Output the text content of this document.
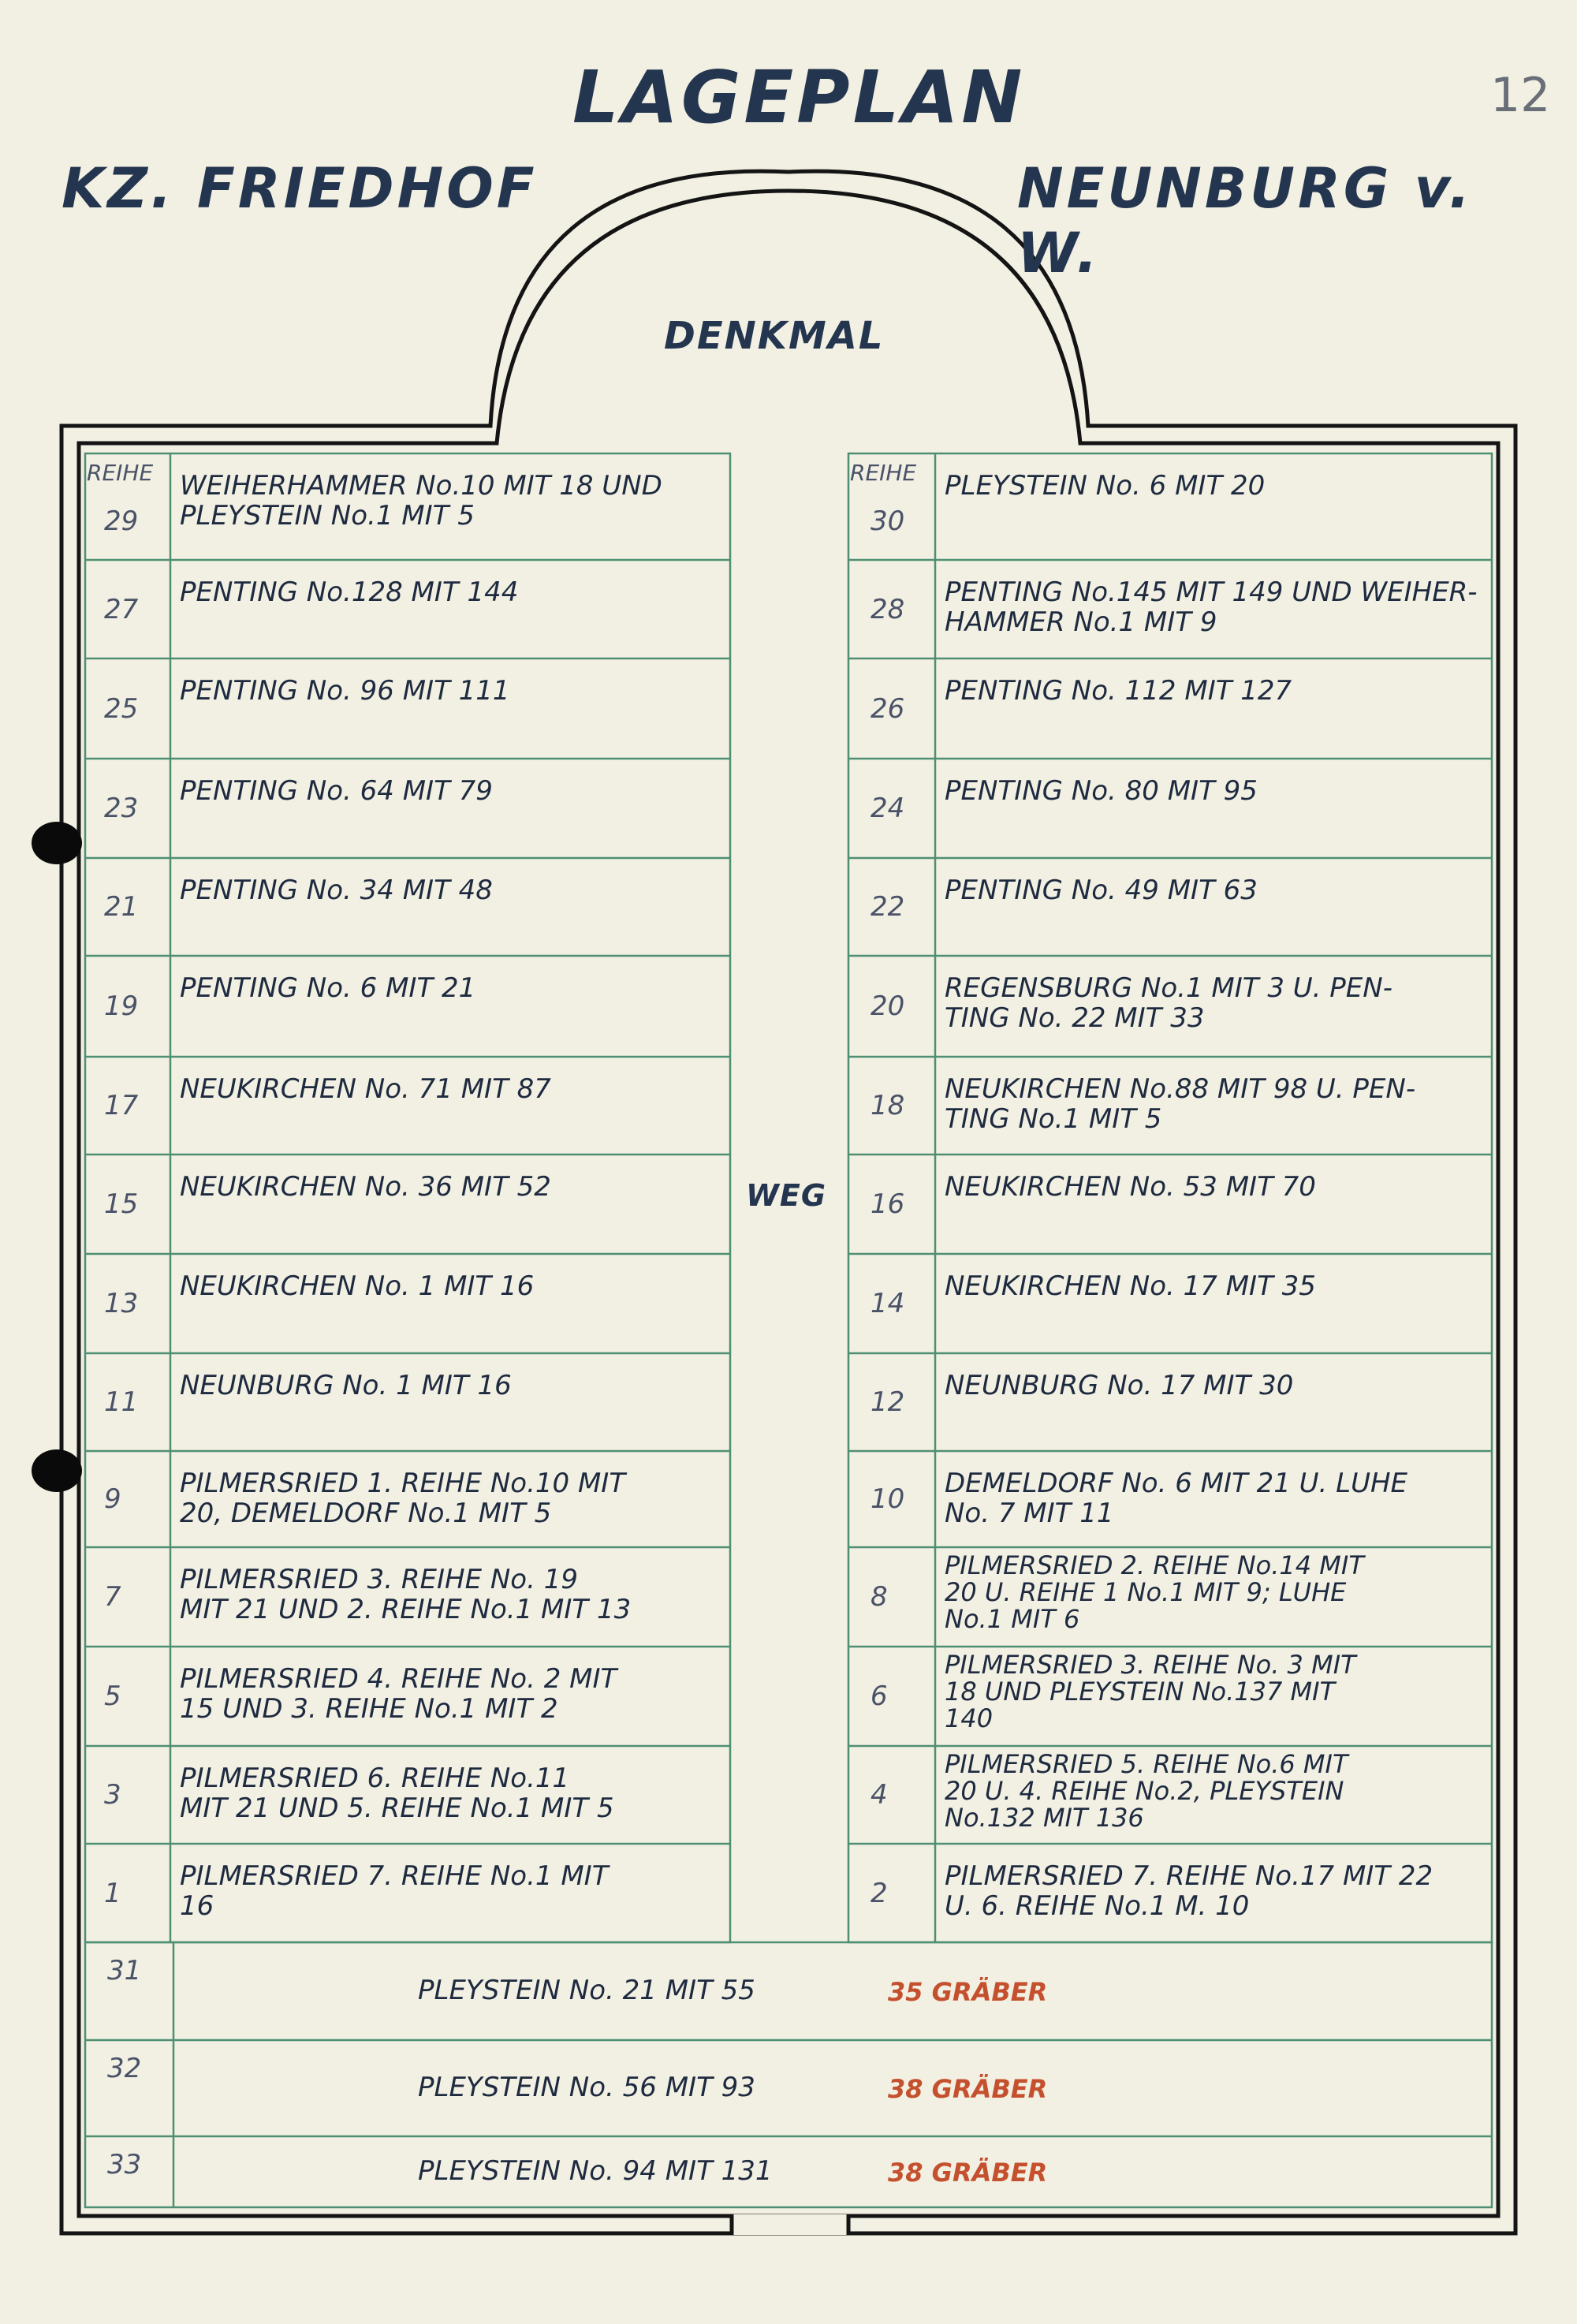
LAGEPLAN
KZ. FRIEDHOF	NEUNBURG v. W.
12
DENKMAL
WEG
REIHE
29
WEIHERHAMMER No.10 MIT 18 UND
PLEYSTEIN No.1 MIT 5
27
PENTING No.128 MIT 144
25
PENTING No. 96 MIT 111
23
PENTING No. 64 MIT 79
21
PENTING No. 34 MIT 48
19
PENTING No. 6 MIT 21
17
NEUKIRCHEN No. 71 MIT 87
15
NEUKIRCHEN No. 36 MIT 52
13
NEUKIRCHEN No. 1 MIT 16
11
NEUNBURG No. 1 MIT 16
9 PILMERSRIED 1. REIHE No.10 MIT
20, DEMELDORF No.1 MIT 5
7
PILMERSRIED 3. REIHE No. 19
MIT 21 UND 2. REIHE No.1 MIT 13
5
PILMERSRIED 4. REIHE No. 2 MIT
15 UND 3. REIHE No.1 MIT 2
3
PILMERSRIED 6. REIHE No.11
MIT 21 UND 5. REIHE No.1 MIT 5
1
PILMERSRIED 7. REIHE No.1 MIT
16
REIHE
30
PLEYSTEIN No. 6 MIT 20
28
PENTING No.145 MIT 149 UND WEIHER-
HAMMER No.1 MIT 9
26
PENTING No. 112 MIT 127
24
PENTING No. 80 MIT 95
22
PENTING No. 49 MIT 63
20
REGENSBURG No.1 MIT 3 U. PEN-
TING No. 22 MIT 33
18
NEUKIRCHEN No.88 MIT 98 U. PEN-
TING No.1 MIT 5
16
NEUKIRCHEN No. 53 MIT 70
14
NEUKIRCHEN No. 17 MIT 35
12
NEUNBURG No. 17 MIT 30
10 DEMELDORF No. 6 MIT 21 U. LUHE
No. 7 MIT 11
8
PILMERSRIED 2. REIHE No.14 MIT
20 U. REIHE 1 No.1 MIT 9; LUHE
No.1 MIT 6
6
PILMERSRIED 3. REIHE No. 3 MIT
18 UND PLEYSTEIN No.137 MIT
140
4
PILMERSRIED 5. REIHE No.6 MIT
20 U. 4. REIHE No.2, PLEYSTEIN
No.132 MIT 136
2
PILMERSRIED 7. REIHE No.17 MIT 22
U. 6. REIHE No.1 M. 10
31
PLEYSTEIN No. 21 MIT 55	35 GRÄBER
32
PLEYSTEIN No. 56 MIT 93	38 GRÄBER
33	PLEYSTEIN No. 94 MIT 131	38 GRÄBER
